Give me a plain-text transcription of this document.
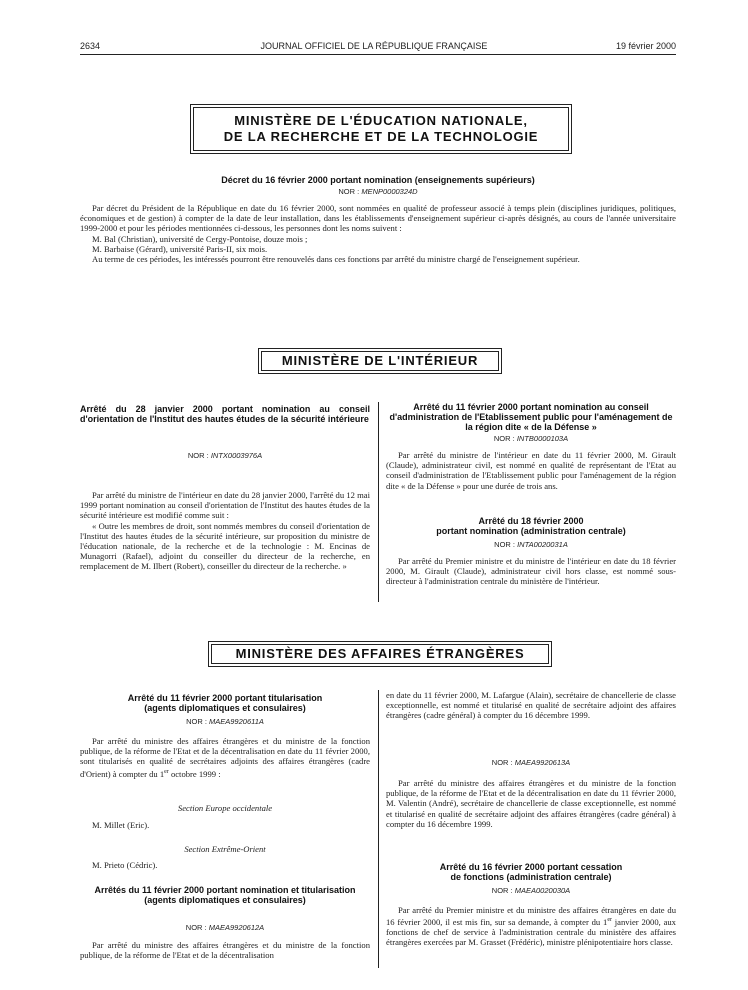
2634	JOURNAL OFFICIEL DE LA RÉPUBLIQUE FRANÇAISE	19 février 2000
MINISTÈRE DE L'ÉDUCATION NATIONALE,
DE LA RECHERCHE ET DE LA TECHNOLOGIE
Décret du 16 février 2000 portant nomination (enseignements supérieurs)
NOR : MENP0000324D

Par décret du Président de la République en date du 16 février 2000, sont nommées en qualité de professeur associé à temps plein (disciplines juridiques, politiques, économiques et de gestion) à compter de la date de leur installation, dans les établissements d'enseignement supérieur ci-après désignés, au cours de l'année universitaire 1999-2000 et pour les périodes mentionnées ci-dessous, les personnes dont les noms suivent :

M. Bal (Christian), université de Cergy-Pontoise, douze mois ;

M. Barbaise (Gérard), université Paris-II, six mois.

Au terme de ces périodes, les intéressés pourront être renouvelés dans ces fonctions par arrêté du ministre chargé de l'enseignement supérieur.

MINISTÈRE DE L'INTÉRIEUR
Arrêté du 28 janvier 2000 portant nomination au conseil d'orientation de l'Institut des hautes études de la sécurité intérieure
NOR : INTX0003976A

Par arrêté du ministre de l'intérieur en date du 28 janvier 2000, l'arrêté du 12 mai 1999 portant nomination au conseil d'orientation de l'Institut des hautes études de la sécurité intérieure est modifié comme suit :

« Outre les membres de droit, sont nommés membres du conseil d'orientation de l'Institut des hautes études de la sécurité intérieure, sur proposition du ministre de l'éducation nationale, de la recherche et de la technologie : M. Encinas de Munagorri (Rafael), adjoint du conseiller du directeur de la recherche, en remplacement de M. Ilbert (Robert), conseiller du directeur de la recherche. »

Arrêté du 11 février 2000 portant nomination au conseil d'administration de l'Etablissement public pour l'aménagement de la région dite « de la Défense »
NOR : INTB0000103A

Par arrêté du ministre de l'intérieur en date du 11 février 2000, M. Girault (Claude), administrateur civil, est nommé en qualité de représentant de l'Etat au conseil d'administration de l'Etablissement public pour l'aménagement de la région dite « de la Défense » pour une durée de trois ans.

Arrêté du 18 février 2000
portant nomination (administration centrale)
NOR : INTA0020031A

Par arrêté du Premier ministre et du ministre de l'intérieur en date du 18 février 2000, M. Girault (Claude), administrateur civil hors classe, est nommé sous-directeur à l'administration centrale du ministère de l'intérieur.

MINISTÈRE DES AFFAIRES ÉTRANGÈRES
Arrêté du 11 février 2000 portant titularisation
(agents diplomatiques et consulaires)
NOR : MAEA9920611A

Par arrêté du ministre des affaires étrangères et du ministre de la fonction publique, de la réforme de l'Etat et de la décentralisation en date du 11 février 2000, sont titularisés en qualité de secrétaires adjoints des affaires étrangères (cadre d'Orient) à compter du 1er octobre 1999 :

Section Europe occidentale

M. Millet (Eric).

Section Extrême-Orient

M. Prieto (Cédric).

Arrêtés du 11 février 2000 portant nomination et titularisation (agents diplomatiques et consulaires)
NOR : MAEA9920612A

Par arrêté du ministre des affaires étrangères et du ministre de la fonction publique, de la réforme de l'Etat et de la décentralisation

en date du 11 février 2000, M. Lafargue (Alain), secrétaire de chancellerie de classe exceptionnelle, est nommé et titularisé en qualité de secrétaire adjoint des affaires étrangères (cadre général) à compter du 16 décembre 1999.

NOR : MAEA9920613A

Par arrêté du ministre des affaires étrangères et du ministre de la fonction publique, de la réforme de l'Etat et de la décentralisation en date du 11 février 2000, M. Valentin (André), secrétaire de chancellerie de classe exceptionnelle, est nommé et titularisé en qualité de secrétaire adjoint des affaires étrangères (cadre général) à compter du 16 décembre 1999.

Arrêté du 16 février 2000 portant cessation
de fonctions (administration centrale)
NOR : MAEA0020030A

Par arrêté du Premier ministre et du ministre des affaires étrangères en date du 16 février 2000, il est mis fin, sur sa demande, à compter du 1er janvier 2000, aux fonctions de chef de service à l'administration centrale du ministère des affaires étrangères exercées par M. Grasset (Frédéric), ministre plénipotentiaire hors classe.
